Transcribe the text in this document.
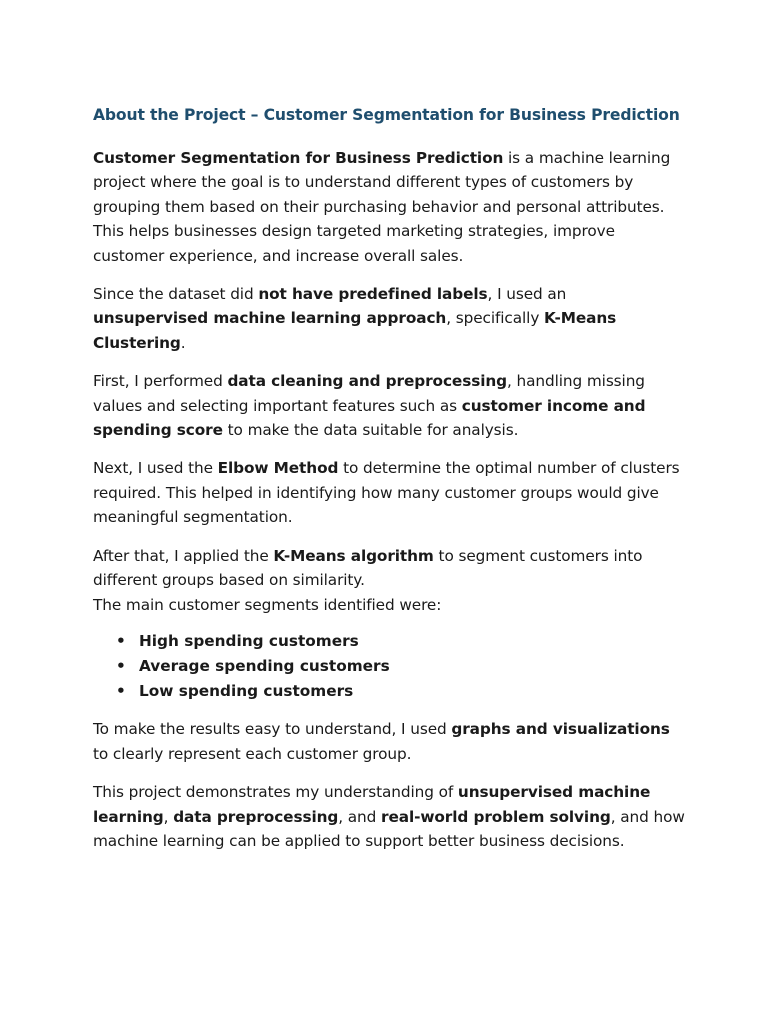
About the Project – Customer Segmentation for Business Prediction

Customer Segmentation for Business Prediction is a machine learning project where the goal is to understand different types of customers by grouping them based on their purchasing behavior and personal attributes. This helps businesses design targeted marketing strategies, improve customer experience, and increase overall sales.

Since the dataset did not have predefined labels, I used an unsupervised machine learning approach, specifically K-Means Clustering.

First, I performed data cleaning and preprocessing, handling missing values and selecting important features such as customer income and spending score to make the data suitable for analysis.

Next, I used the Elbow Method to determine the optimal number of clusters required. This helped in identifying how many customer groups would give meaningful segmentation.

After that, I applied the K-Means algorithm to segment customers into different groups based on similarity.
The main customer segments identified were:

• High spending customers
• Average spending customers
• Low spending customers

To make the results easy to understand, I used graphs and visualizations to clearly represent each customer group.

This project demonstrates my understanding of unsupervised machine learning, data preprocessing, and real-world problem solving, and how machine learning can be applied to support better business decisions.
